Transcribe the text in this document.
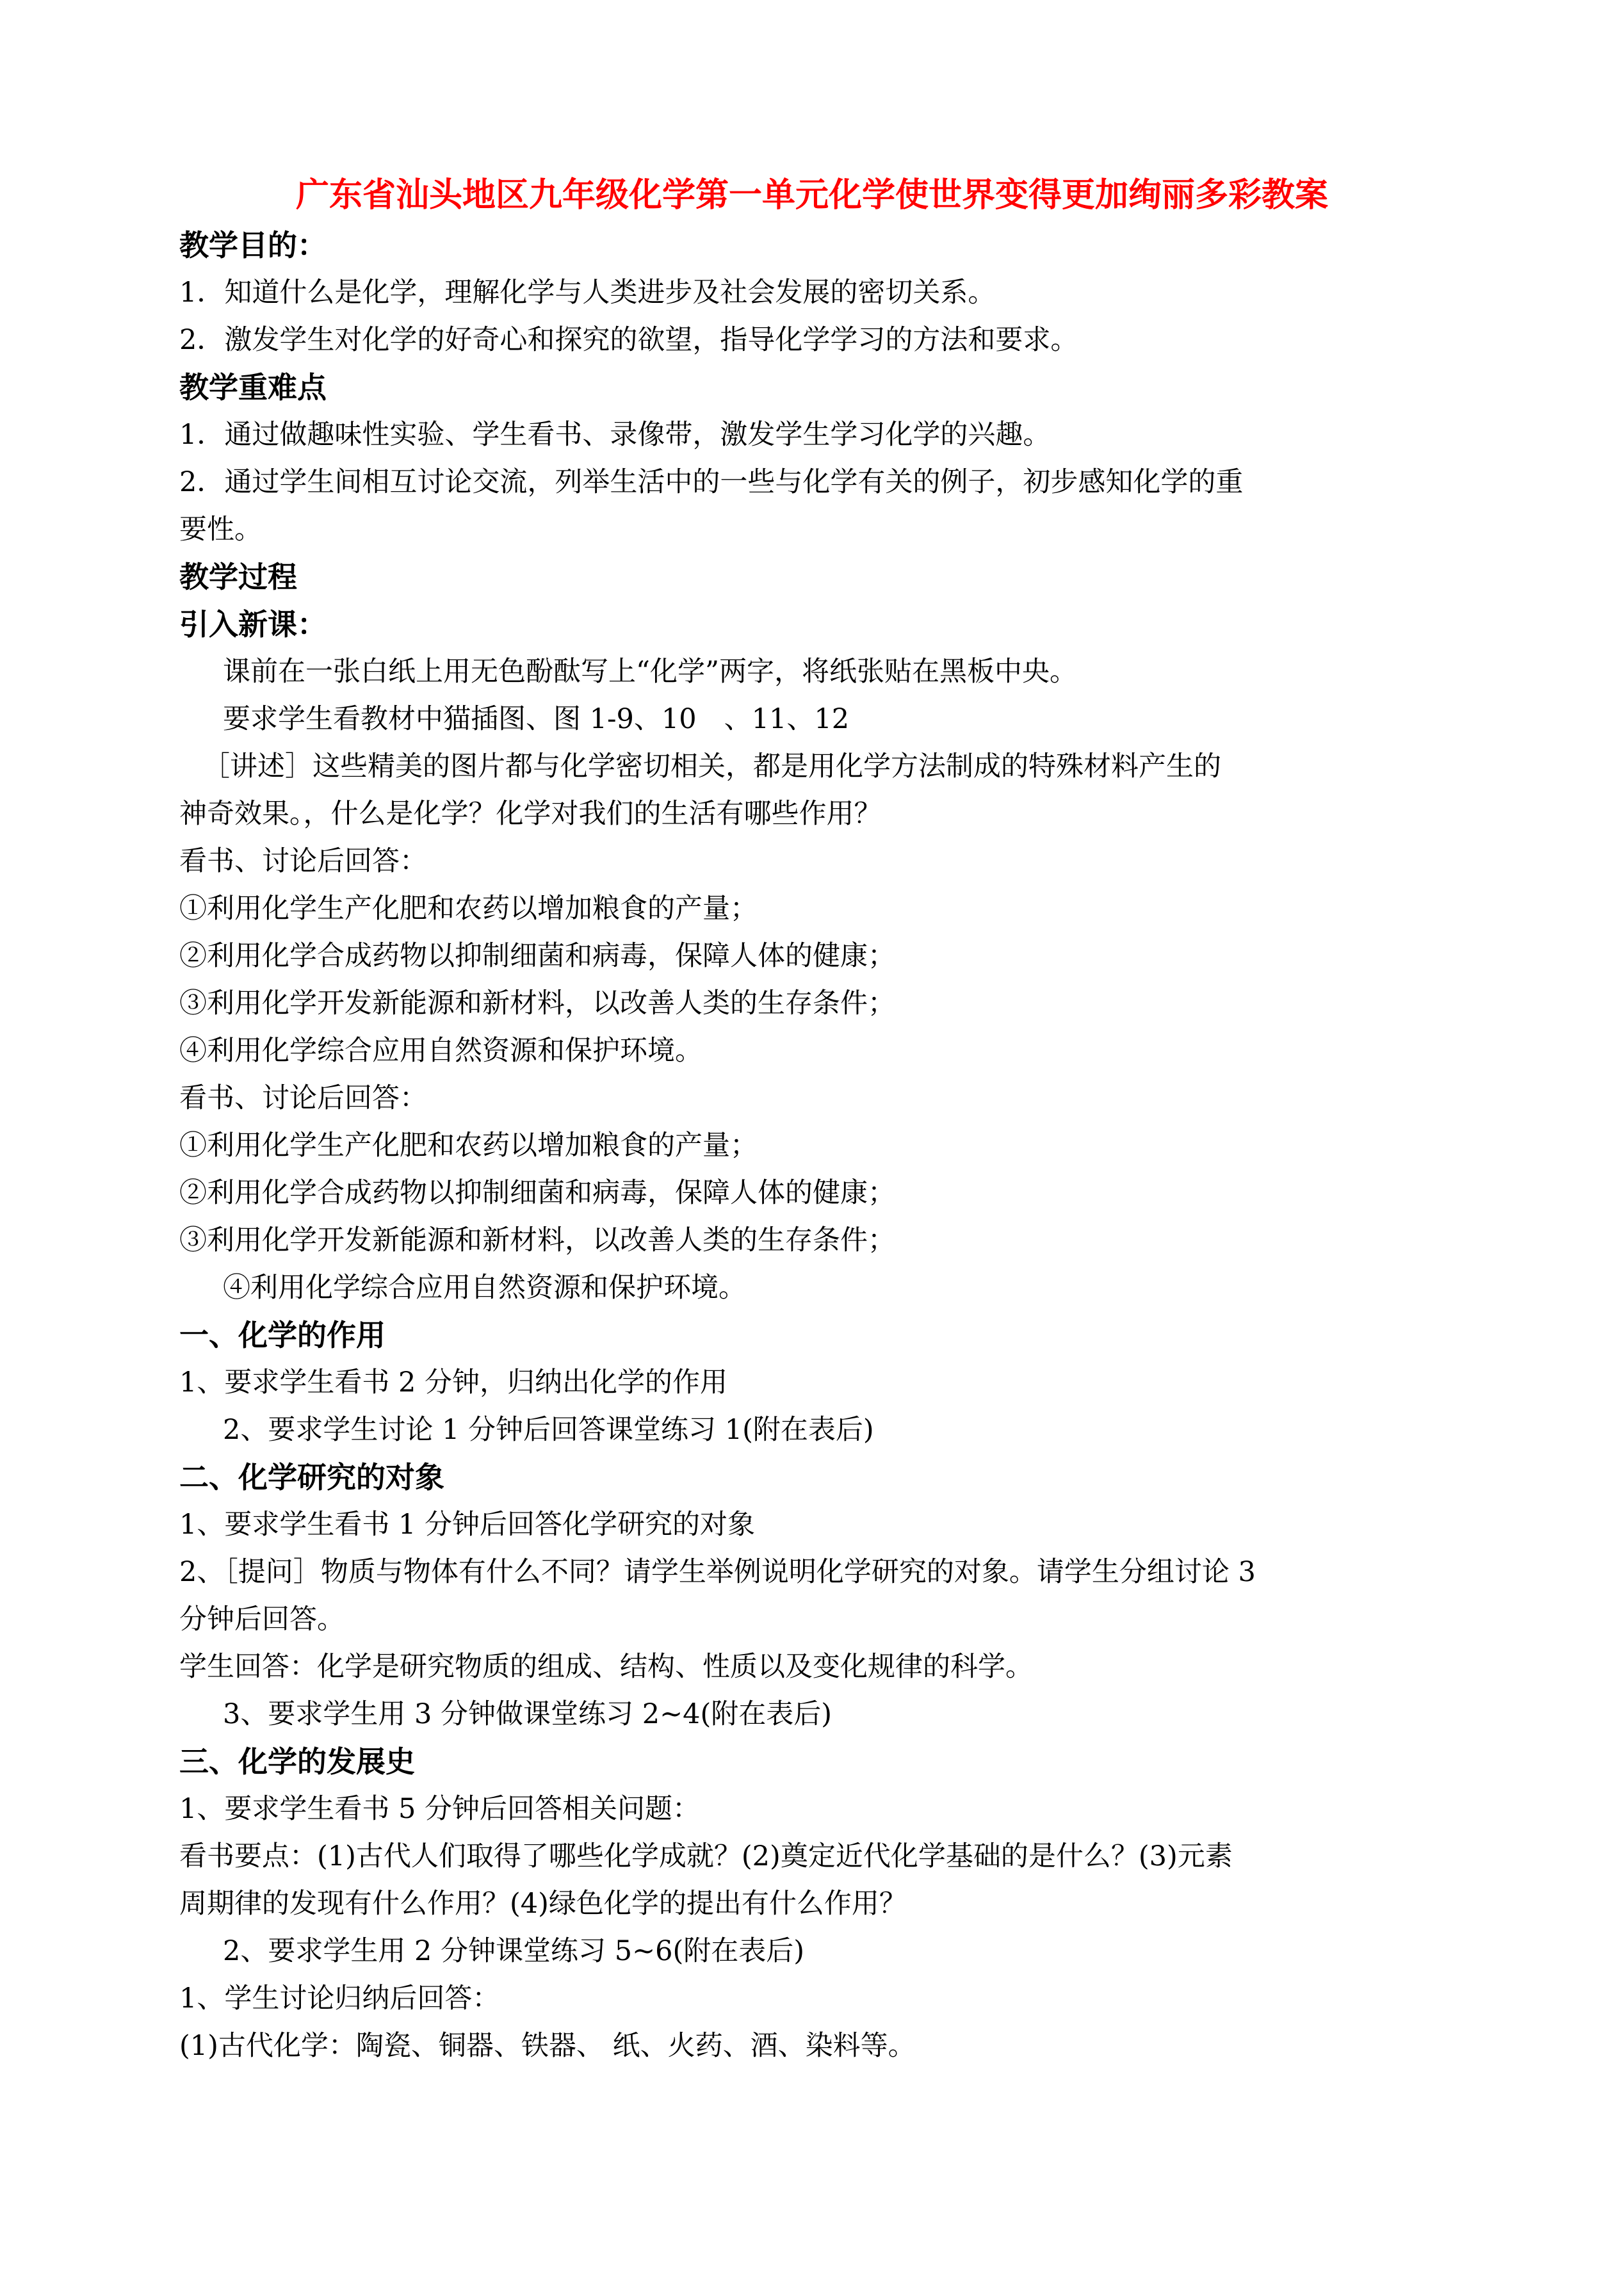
广东省汕头地区九年级化学第一单元化学使世界变得更加绚丽多彩教案
教学目的：
1．知道什么是化学，理解化学与人类进步及社会发展的密切关系。
2．激发学生对化学的好奇心和探究的欲望，指导化学学习的方法和要求。
教学重难点
1．通过做趣味性实验、学生看书、录像带，激发学生学习化学的兴趣。
2．通过学生间相互讨论交流，列举生活中的一些与化学有关的例子，初步感知化学的重
要性。
教学过程
引入新课：
课前在一张白纸上用无色酚酞写上“化学”两字，将纸张贴在黑板中央。
要求学生看教材中猫插图、图 1-9、10　、11、12
［讲述］这些精美的图片都与化学密切相关，都是用化学方法制成的特殊材料产生的
神奇效果。，什么是化学？化学对我们的生活有哪些作用？
看书、讨论后回答：
①利用化学生产化肥和农药以增加粮食的产量；
②利用化学合成药物以抑制细菌和病毒，保障人体的健康；
③利用化学开发新能源和新材料，以改善人类的生存条件；
④利用化学综合应用自然资源和保护环境。
看书、讨论后回答：
①利用化学生产化肥和农药以增加粮食的产量；
②利用化学合成药物以抑制细菌和病毒，保障人体的健康；
③利用化学开发新能源和新材料，以改善人类的生存条件；
④利用化学综合应用自然资源和保护环境。
一、化学的作用
1、要求学生看书 2 分钟，归纳出化学的作用
2、要求学生讨论 1 分钟后回答课堂练习 1(附在表后)
二、化学研究的对象
1、要求学生看书 1 分钟后回答化学研究的对象
2、［提问］物质与物体有什么不同？请学生举例说明化学研究的对象。请学生分组讨论 3
分钟后回答。
学生回答：化学是研究物质的组成、结构、性质以及变化规律的科学。
3、要求学生用 3 分钟做课堂练习 2~4(附在表后)
三、化学的发展史
1、要求学生看书 5 分钟后回答相关问题：
看书要点：(1)古代人们取得了哪些化学成就？(2)奠定近代化学基础的是什么？(3)元素
周期律的发现有什么作用？(4)绿色化学的提出有什么作用？
2、要求学生用 2 分钟课堂练习 5~6(附在表后)
1、学生讨论归纳后回答：
(1)古代化学：陶瓷、铜器、铁器、 纸、火药、酒、染料等。
